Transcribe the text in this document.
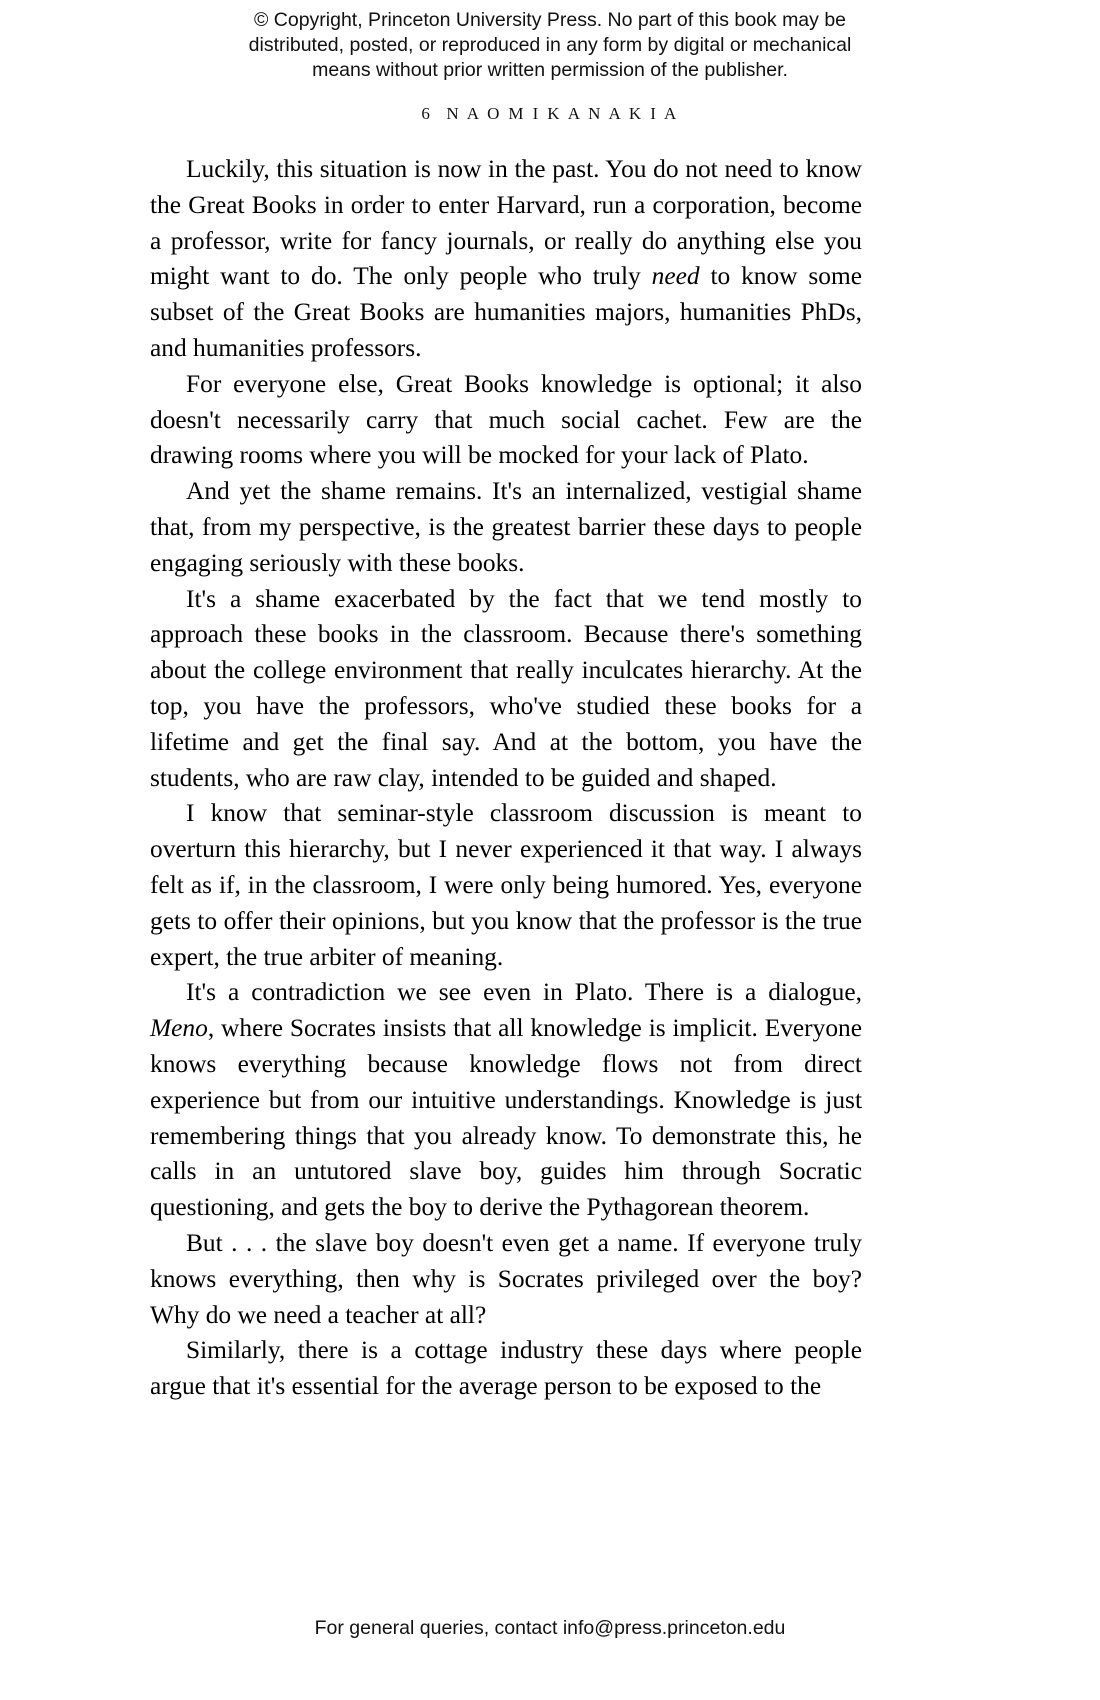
© Copyright, Princeton University Press. No part of this book may be
distributed, posted, or reproduced in any form by digital or mechanical
means without prior written permission of the publisher.
6 N A O M I K A N A K I A

Luckily, this situation is now in the past. You do not need to know the Great Books in order to enter Harvard, run a corporation, become a professor, write for fancy journals, or really do anything else you might want to do. The only people who truly need to know some subset of the Great Books are humanities majors, humanities PhDs, and humanities professors.

For everyone else, Great Books knowledge is optional; it also doesn't necessarily carry that much social cachet. Few are the drawing rooms where you will be mocked for your lack of Plato.

And yet the shame remains. It's an internalized, vestigial shame that, from my perspective, is the greatest barrier these days to people engaging seriously with these books.

It's a shame exacerbated by the fact that we tend mostly to approach these books in the classroom. Because there's something about the college environment that really inculcates hierarchy. At the top, you have the professors, who've studied these books for a lifetime and get the final say. And at the bottom, you have the students, who are raw clay, intended to be guided and shaped.

I know that seminar-style classroom discussion is meant to overturn this hierarchy, but I never experienced it that way. I always felt as if, in the classroom, I were only being humored. Yes, everyone gets to offer their opinions, but you know that the professor is the true expert, the true arbiter of meaning.

It's a contradiction we see even in Plato. There is a dialogue, Meno, where Socrates insists that all knowledge is implicit. Everyone knows everything because knowledge flows not from direct experience but from our intuitive understandings. Knowledge is just remembering things that you already know. To demonstrate this, he calls in an untutored slave boy, guides him through Socratic questioning, and gets the boy to derive the Pythagorean theorem.

But . . . the slave boy doesn't even get a name. If everyone truly knows everything, then why is Socrates privileged over the boy? Why do we need a teacher at all?

Similarly, there is a cottage industry these days where people argue that it's essential for the average person to be exposed to the

For general queries, contact info@press.princeton.edu
